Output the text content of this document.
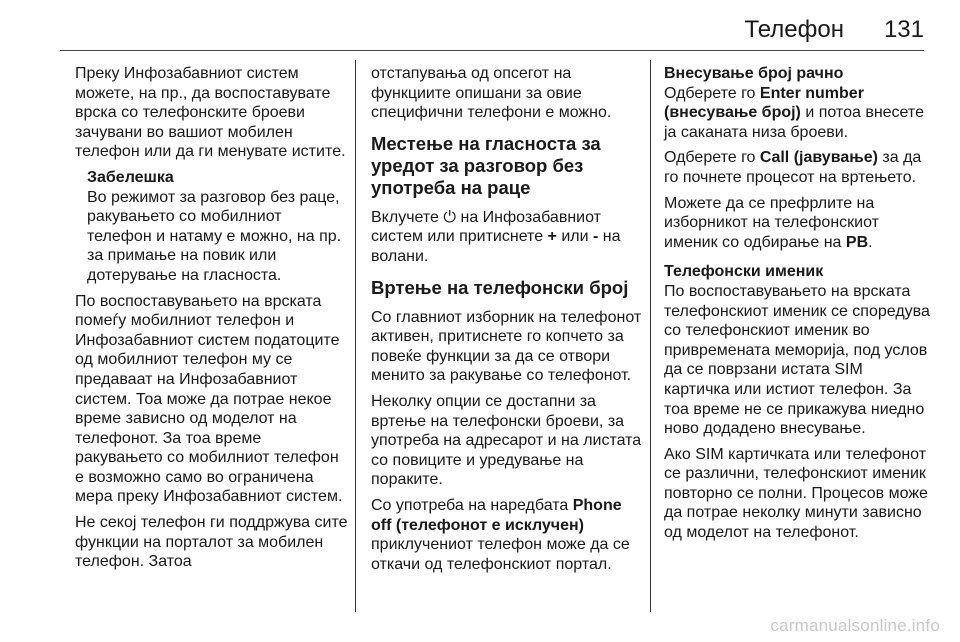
Телефон 131

Преку Инфозабавниот систем можете, на пр., да воспоставувате врска со телефонските броеви зачувани во вашиот мобилен телефон или да ги менувате иститe.

Забелешка
Во режимот за разговор без раце, ракувањето со мобилниот телефон и натаму е можно, на пр. за примање на повик или дотерување на гласноста.

По воспоставувањето на врската помеѓу мобилниот телефон и Инфозабавниот систем податоците од мобилниот телефон му се предаваат на Инфозабавниот систем. Тоа може да потрае некое време зависно од моделот на телефонот. За тоа време ракувањето со мобилниот телефон е возможно само во ограничена мера преку Инфозабавниот систем.

Не секој телефон ги поддржува сите функции на порталот за мобилен телефон. Затоа

отстапувања од опсегот на функциите опишани за овие специфични телефони е можно.

Местење на гласноста за уредот за разговор без употреба на раце

Вклучете ⏻ на Инфозабавниот систем или притиснете + или - на волани.

Вртење на телефонски број

Со главниот изборник на телефонот активен, притиснете го копчето за повеќе функции за да се отвори менито за ракување со телефонот.

Неколку опции се достапни за вртење на телефонски броеви, за употреба на адресарот и на листата со повиците и уредување на пораките.

Со употреба на наредбата Phone off (телефонот е исклучен) приклучениот телефон може да се откачи од телефонскиот портал.

Внесување број рачно

Одберете го Enter number (внесување број) и потоа внесете ја саканата низа броеви.

Одберете го Call (јавување) за да го почнете процесот на вртењето.

Можете да се префрлите на изборникот на телефонскиот именик со одбирање на PB.

Телефонски именик

По воспоставувањето на врската телефонскиот именик се споредува со телефонскиот именик во привремената меморија, под услов да се поврзани истата SIM картичка или истиот телефон. За тоа време не се прикажува ниедно ново додадено внесување.

Ако SIM картичката или телефонот се различни, телефонскиот именик повторно се полни. Процесов може да потрае неколку минути зависно од моделот на телефонот.

carmanualsonline.info
